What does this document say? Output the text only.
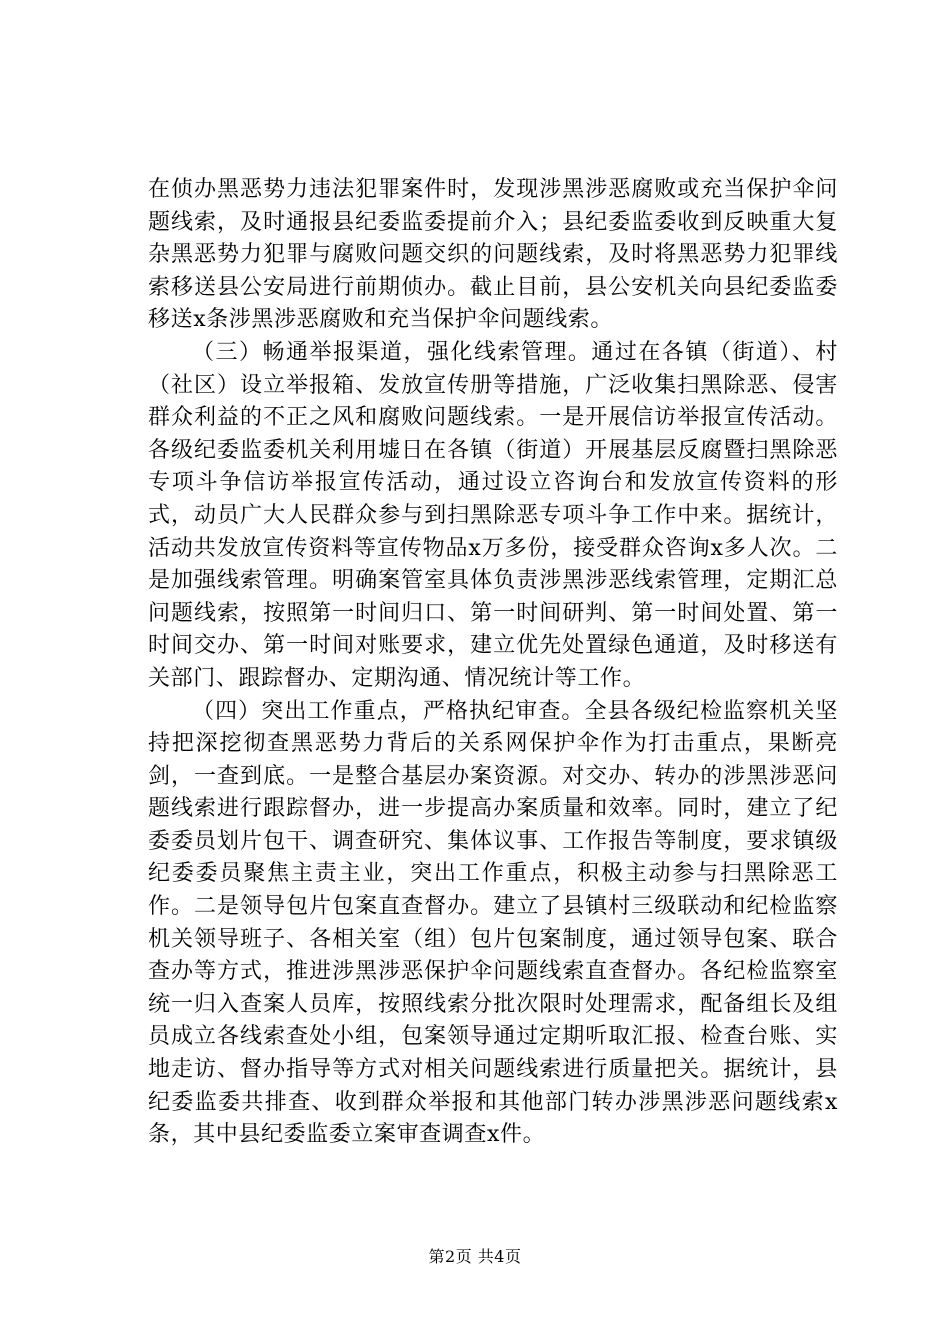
在侦办黑恶势力违法犯罪案件时，发现涉黑涉恶腐败或充当保护伞问题线索，及时通报县纪委监委提前介入；县纪委监委收到反映重大复杂黑恶势力犯罪与腐败问题交织的问题线索，及时将黑恶势力犯罪线索移送县公安局进行前期侦办。截止目前，县公安机关向县纪委监委移送x条涉黑涉恶腐败和充当保护伞问题线索。

（三）畅通举报渠道，强化线索管理。通过在各镇（街道）、村（社区）设立举报箱、发放宣传册等措施，广泛收集扫黑除恶、侵害群众利益的不正之风和腐败问题线索。一是开展信访举报宣传活动。各级纪委监委机关利用墟日在各镇（街道）开展基层反腐暨扫黑除恶专项斗争信访举报宣传活动，通过设立咨询台和发放宣传资料的形式，动员广大人民群众参与到扫黑除恶专项斗争工作中来。据统计，活动共发放宣传资料等宣传物品x万多份，接受群众咨询x多人次。二是加强线索管理。明确案管室具体负责涉黑涉恶线索管理，定期汇总问题线索，按照第一时间归口、第一时间研判、第一时间处置、第一时间交办、第一时间对账要求，建立优先处置绿色通道，及时移送有关部门、跟踪督办、定期沟通、情况统计等工作。

（四）突出工作重点，严格执纪审查。全县各级纪检监察机关坚持把深挖彻查黑恶势力背后的关系网保护伞作为打击重点，果断亮剑，一查到底。一是整合基层办案资源。对交办、转办的涉黑涉恶问题线索进行跟踪督办，进一步提高办案质量和效率。同时，建立了纪委委员划片包干、调查研究、集体议事、工作报告等制度，要求镇级纪委委员聚焦主责主业，突出工作重点，积极主动参与扫黑除恶工作。二是领导包片包案直查督办。建立了县镇村三级联动和纪检监察机关领导班子、各相关室（组）包片包案制度，通过领导包案、联合查办等方式，推进涉黑涉恶保护伞问题线索直查督办。各纪检监察室统一归入查案人员库，按照线索分批次限时处理需求，配备组长及组员成立各线索查处小组，包案领导通过定期听取汇报、检查台账、实地走访、督办指导等方式对相关问题线索进行质量把关。据统计，县纪委监委共排查、收到群众举报和其他部门转办涉黑涉恶问题线索x条，其中县纪委监委立案审查调查x件。

第2页 共4页
